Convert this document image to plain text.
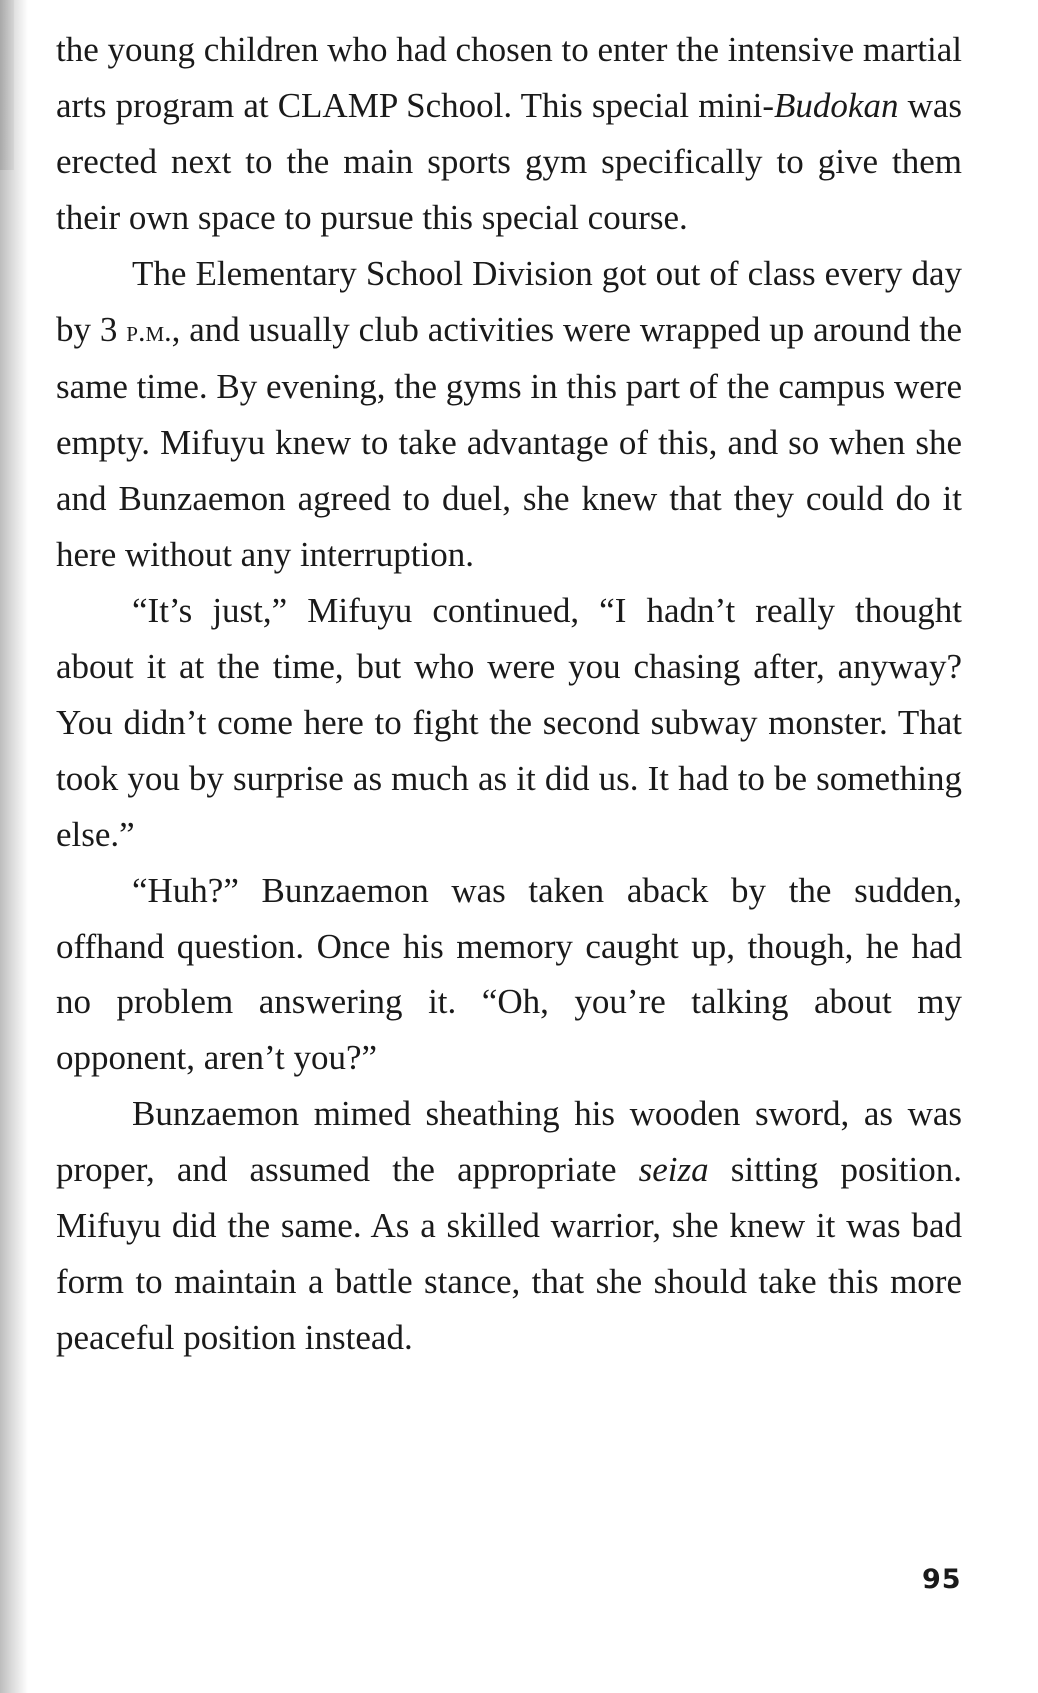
the young children who had chosen to enter the intensive martial arts program at CLAMP School. This special mini-Budokan was erected next to the main sports gym specifically to give them their own space to pursue this special course.

The Elementary School Division got out of class every day by 3 p.m., and usually club activities were wrapped up around the same time. By evening, the gyms in this part of the campus were empty. Mifuyu knew to take advantage of this, and so when she and Bunzaemon agreed to duel, she knew that they could do it here without any interruption.

“It’s just,” Mifuyu continued, “I hadn’t really thought about it at the time, but who were you chasing after, anyway? You didn’t come here to fight the second subway monster. That took you by surprise as much as it did us. It had to be something else.”

“Huh?” Bunzaemon was taken aback by the sudden, offhand question. Once his memory caught up, though, he had no problem answering it. “Oh, you’re talking about my opponent, aren’t you?”

Bunzaemon mimed sheathing his wooden sword, as was proper, and assumed the appropriate seiza sitting position. Mifuyu did the same. As a skilled warrior, she knew it was bad form to maintain a battle stance, that she should take this more peaceful position instead.

95
